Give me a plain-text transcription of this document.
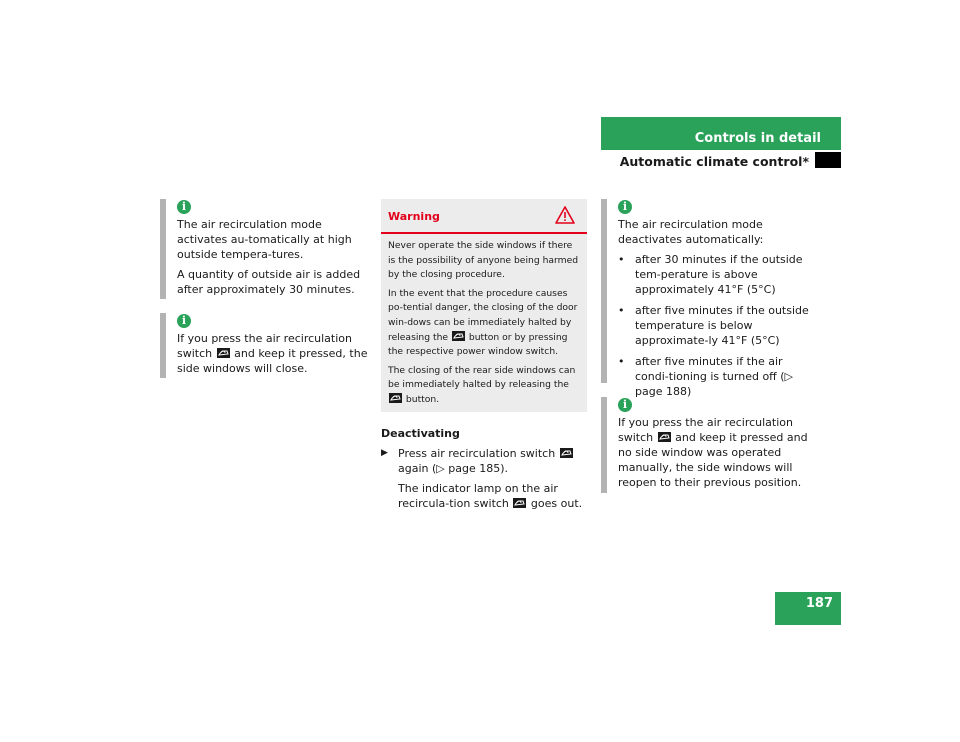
Controls in detail
Automatic climate control*
i

The air recirculation mode activates au-tomatically at high outside tempera-tures.

A quantity of outside air is added after approximately 30 minutes.

i

If you press the air recirculation switch and keep it pressed, the side windows will close.

Warning

Never operate the side windows if there is the possibility of anyone being harmed by the closing procedure.

In the event that the procedure causes po-tential danger, the closing of the door win-dows can be immediately halted by releasing the button or by pressing the respective power window switch.

The closing of the rear side windows can be immediately halted by releasing the  button.

Deactivating
▶ Press air recirculation switch  again (▷ page 185).
The indicator lamp on the air recircula-tion switch goes out.
i
The air recirculation mode deactivates automatically:
• after 30 minutes if the outside tem-perature is above approximately 41°F (5°C)
• after five minutes if the outside temperature is below approximate-ly 41°F (5°C)
• after five minutes if the air condi-tioning is turned off (▷ page 188)
i

If you press the air recirculation switch and keep it pressed and no side window was operated manually, the side windows will reopen to their previous position.

187
